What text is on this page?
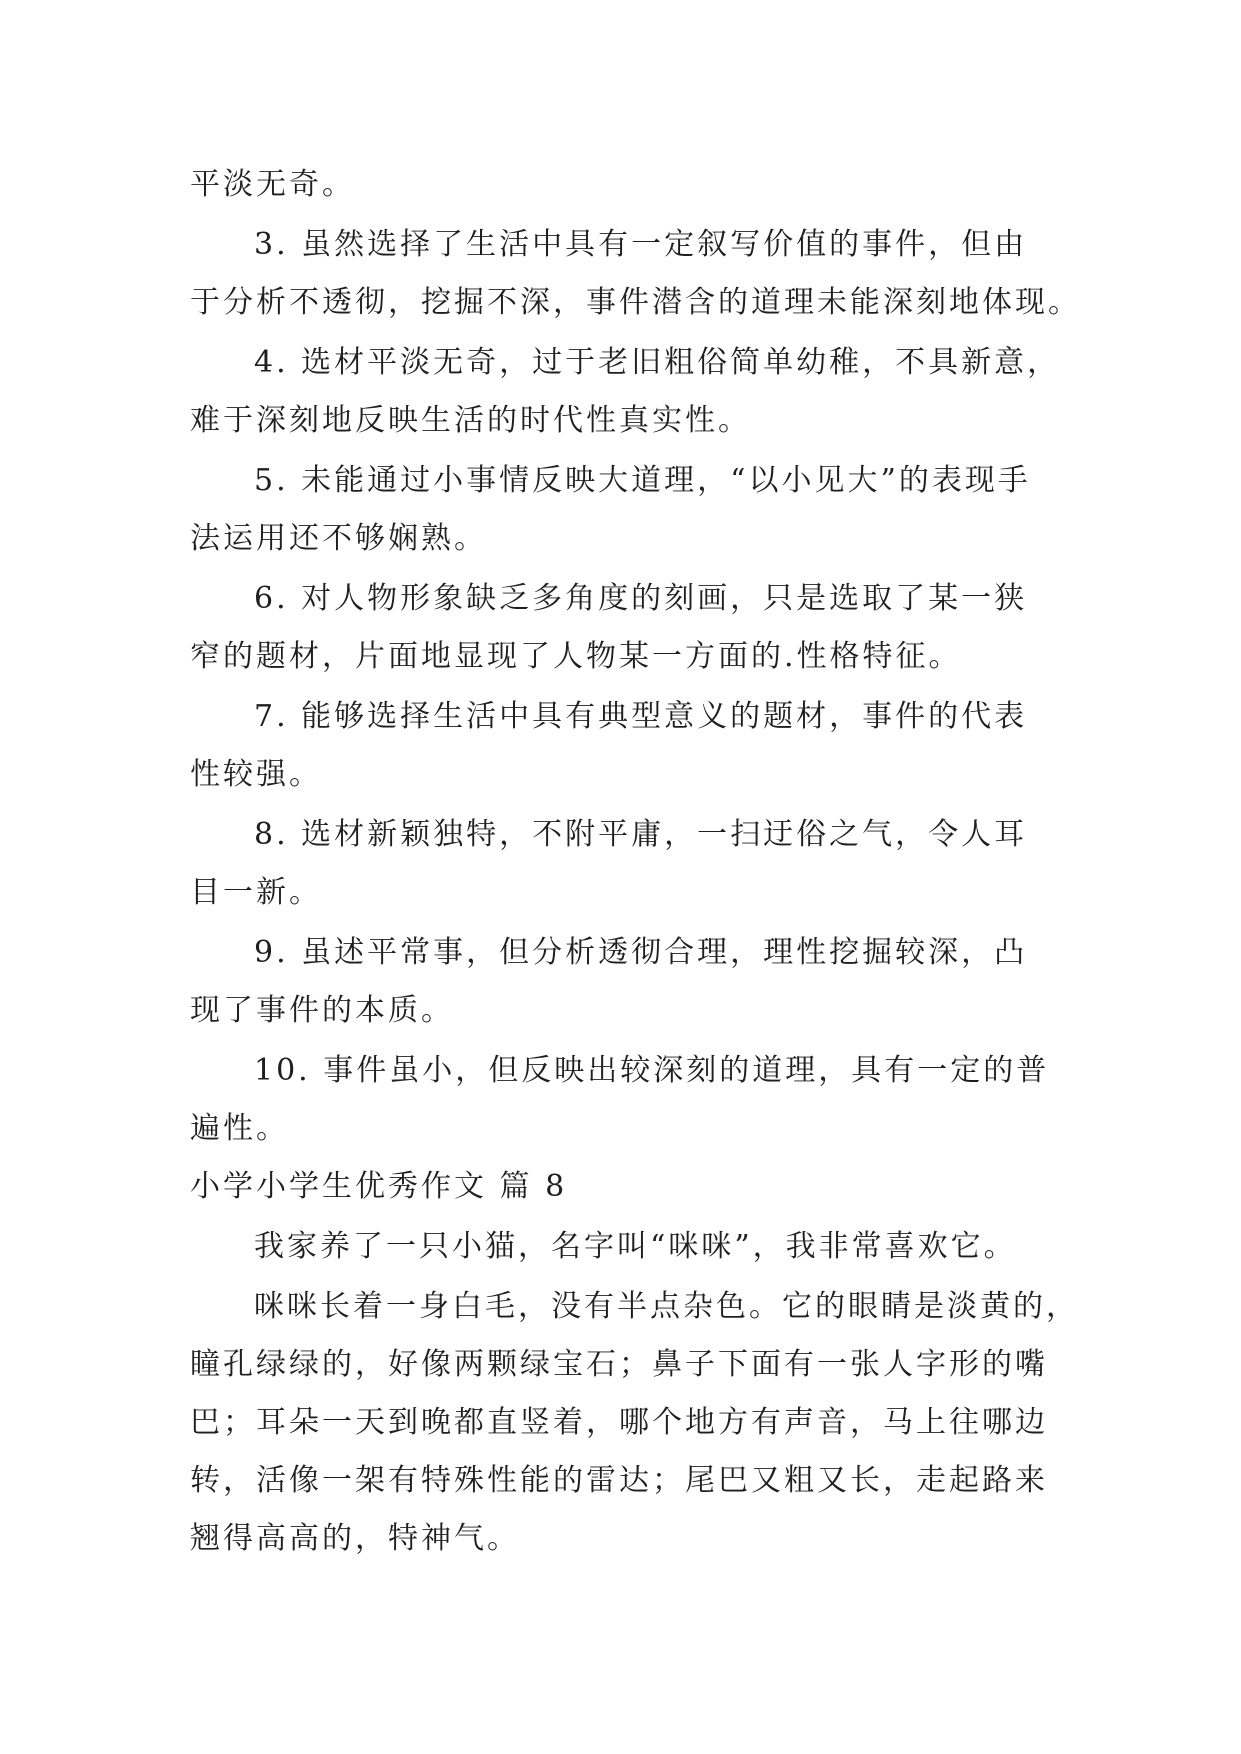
平淡无奇。
3. 虽然选择了生活中具有一定叙写价值的事件，但由
于分析不透彻，挖掘不深，事件潜含的道理未能深刻地体现。
4. 选材平淡无奇，过于老旧粗俗简单幼稚，不具新意，
难于深刻地反映生活的时代性真实性。
5. 未能通过小事情反映大道理，“以小见大”的表现手
法运用还不够娴熟。
6. 对人物形象缺乏多角度的刻画，只是选取了某一狭
窄的题材，片面地显现了人物某一方面的.性格特征。
7. 能够选择生活中具有典型意义的题材，事件的代表
性较强。
8. 选材新颖独特，不附平庸，一扫迂俗之气，令人耳
目一新。
9. 虽述平常事，但分析透彻合理，理性挖掘较深，凸
现了事件的本质。
10. 事件虽小，但反映出较深刻的道理，具有一定的普
遍性。
小学小学生优秀作文 篇 8
我家养了一只小猫，名字叫“咪咪”，我非常喜欢它。
咪咪长着一身白毛，没有半点杂色。它的眼睛是淡黄的，
瞳孔绿绿的，好像两颗绿宝石；鼻子下面有一张人字形的嘴
巴；耳朵一天到晚都直竖着，哪个地方有声音，马上往哪边
转，活像一架有特殊性能的雷达；尾巴又粗又长，走起路来
翘得高高的，特神气。
